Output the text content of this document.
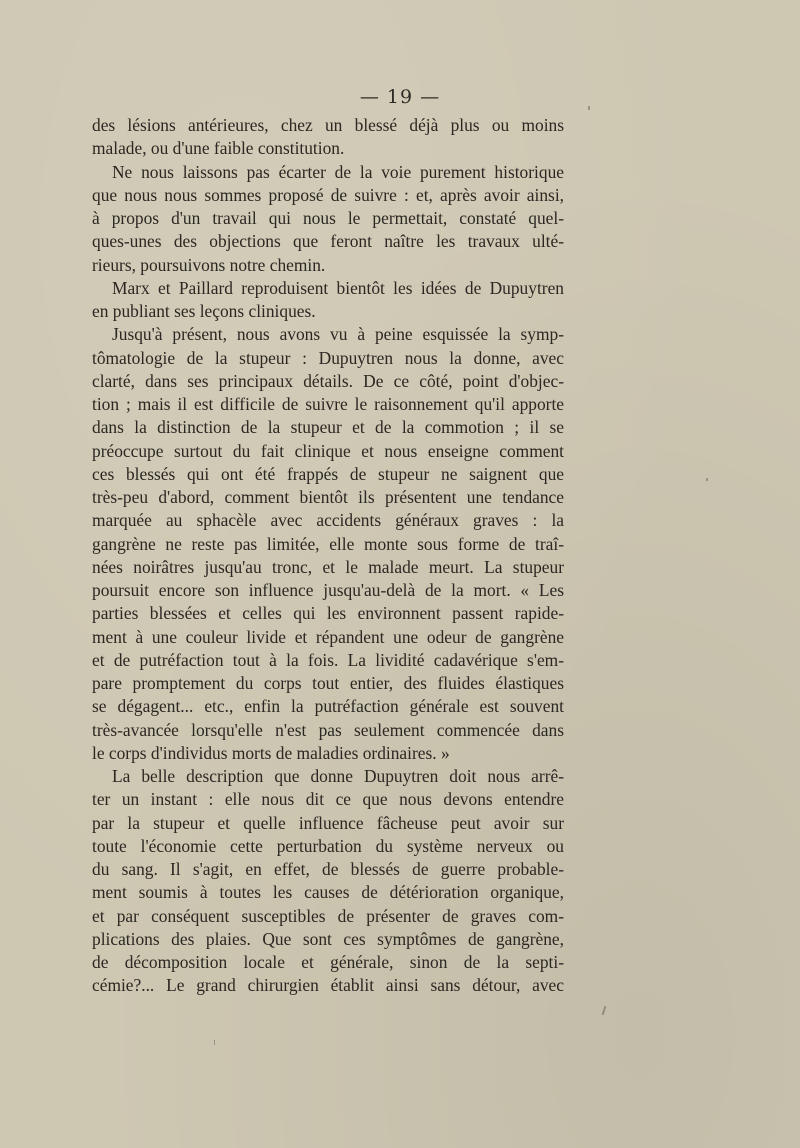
— 19 —
des lésions antérieures, chez un blessé déjà plus ou moins
malade, ou d'une faible constitution.
Ne nous laissons pas écarter de la voie purement historique
que nous nous sommes proposé de suivre : et, après avoir ainsi,
à propos d'un travail qui nous le permettait, constaté quel-
ques-unes des objections que feront naître les travaux ulté-
rieurs, poursuivons notre chemin.
Marx et Paillard reproduisent bientôt les idées de Dupuytren
en publiant ses leçons cliniques.
Jusqu'à présent, nous avons vu à peine esquissée la symp-
tômatologie de la stupeur : Dupuytren nous la donne, avec
clarté, dans ses principaux détails. De ce côté, point d'objec-
tion ; mais il est difficile de suivre le raisonnement qu'il apporte
dans la distinction de la stupeur et de la commotion ; il se
préoccupe surtout du fait clinique et nous enseigne comment
ces blessés qui ont été frappés de stupeur ne saignent que
très-peu d'abord, comment bientôt ils présentent une tendance
marquée au sphacèle avec accidents généraux graves : la
gangrène ne reste pas limitée, elle monte sous forme de traî-
nées noirâtres jusqu'au tronc, et le malade meurt. La stupeur
poursuit encore son influence jusqu'au-delà de la mort. « Les
parties blessées et celles qui les environnent passent rapide-
ment à une couleur livide et répandent une odeur de gangrène
et de putréfaction tout à la fois. La lividité cadavérique s'em-
pare promptement du corps tout entier, des fluides élastiques
se dégagent... etc., enfin la putréfaction générale est souvent
très-avancée lorsqu'elle n'est pas seulement commencée dans
le corps d'individus morts de maladies ordinaires. »
La belle description que donne Dupuytren doit nous arrê-
ter un instant : elle nous dit ce que nous devons entendre
par la stupeur et quelle influence fâcheuse peut avoir sur
toute l'économie cette perturbation du système nerveux ou
du sang. Il s'agit, en effet, de blessés de guerre probable-
ment soumis à toutes les causes de détérioration organique,
et par conséquent susceptibles de présenter de graves com-
plications des plaies. Que sont ces symptômes de gangrène,
de décomposition locale et générale, sinon de la septi-
cémie?... Le grand chirurgien établit ainsi sans détour, avec
